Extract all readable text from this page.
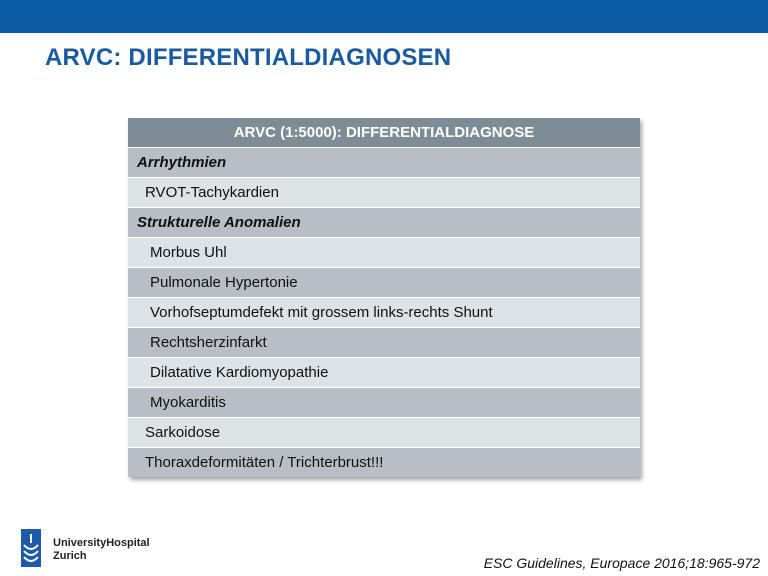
ARVC: DIFFERENTIALDIAGNOSEN
ARVC (1:5000): DIFFERENTIALDIAGNOSE
Arrhythmien
RVOT-Tachykardien
Strukturelle Anomalien
Morbus Uhl
Pulmonale Hypertonie
Vorhofseptumdefekt mit grossem links-rechts Shunt
Rechtsherzinfarkt
Dilatative Kardiomyopathie
Myokarditis
Sarkoidose
Thoraxdeformitäten / Trichterbrust!!!
UniversityHospital
Zurich	ESC Guidelines, Europace 2016;18:965-972
